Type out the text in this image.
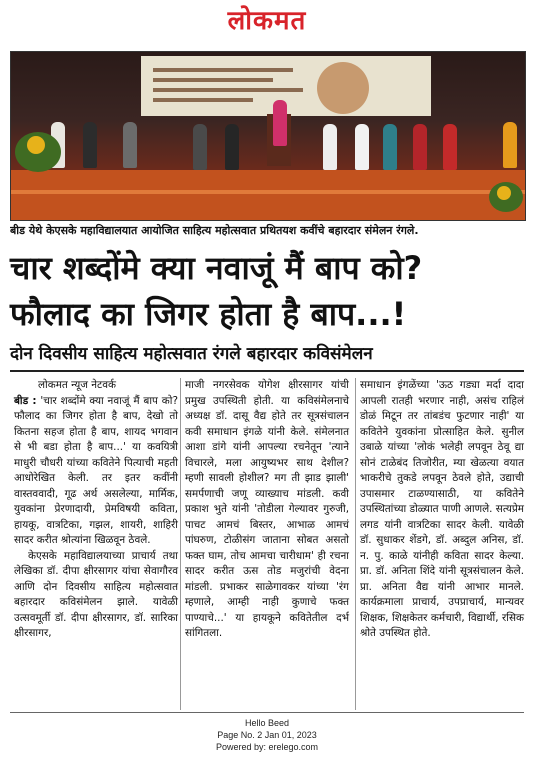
लोकमत
बीड येथे केएसके महाविद्यालयात आयोजित साहित्य महोत्सवात प्रथितयश कवींचे बहारदार संमेलन रंगले.
चार शब्दोंमे क्या नवाजूं मैं बाप को?
फौलाद का जिगर होता है बाप...!
दोन दिवसीय साहित्य महोत्सवात रंगले बहारदार कविसंमेलन

लोकमत न्यूज नेटवर्क

बीड : 'चार शब्दोंमे क्या नवाजूं मैं बाप को? फौलाद का जिगर होता है बाप, देखो तो कितना सहज होता है बाप, शायद भगवान से भी बडा होता है बाप...' या कवयित्री माधुरी चौधरी यांच्या कवितेने पित्याची महती आधोरेखित केली. तर इतर कवींनी वास्तववादी, गूढ अर्थ असलेल्या, मार्मिक, युवकांना प्रेरणादायी, प्रेमविषयी कविता, हायकू, वात्रटिका, गझल, शायरी, शाहिरी सादर करीत श्रोत्यांना खिळवून ठेवले.

केएसके महाविद्यालयाच्या प्राचार्य तथा लेखिका डॉ. दीपा क्षीरसागर यांचा सेवागौरव आणि दोन दिवसीय साहित्य महोत्सवात बहारदार कविसंमेलन झाले. यावेळी उत्सवमूर्ती डॉ. दीपा क्षीरसागर, डॉ. सारिका क्षीरसागर,

माजी नगरसेवक योगेश क्षीरसागर यांची प्रमुख उपस्थिती होती. या कविसंमेलनाचे अध्यक्ष डॉ. दासू वैद्य होते तर सूत्रसंचालन कवी समाधान इंगळे यांनी केले. संमेलनात आशा डांगे यांनी आपल्या रचनेतून 'त्याने विचारले, मला आयुष्यभर साथ देशील? म्हणी सावली होशील? मग ती झाड झाली' समर्पणाची जणू व्याख्याच मांडली. कवी प्रकाश भुते यांनी 'तोडीला गेल्यावर गुरुजी, पाचट आमचं बिस्तर, आभाळ आमचं पांघरुण, टोळीसंग जाताना सोबत असतो फक्त घाम, तोच आमचा चारीधाम' ही रचना सादर करीत ऊस तोड मजुरांची वेदना मांडली. प्रभाकर साळेगावकर यांच्या 'रंग म्हणाले, आम्ही नाही कुणाचे फक्त पाण्याचे...' या हायकूने कवितेतील दर्भ सांगितला.

समाधान इंगळेंच्या 'ऊठ गड्या मर्दा दादा आपली रातही भरणार नाही, असंच राहिलं डोळं मिटून तर तांबडंच फुटणार नाही' या कवितेने युवकांना प्रोत्साहित केले. सुनील उबाळे यांच्या 'लोकं भलेही लपवून ठेवू द्या सोनं टाळेबंद तिजोरीत, म्या खेळत्या वयात भाकरीचे तुकडे लपवून ठेवले होते, उद्याची उपासमार टाळण्यासाठी, या कवितेने उपस्थितांच्या डोळ्यात पाणी आणले. सत्यप्रेम लगड यांनी वात्रटिका सादर केली. यावेळी डॉ. सुधाकर शेंडगे, डॉ. अब्दुल अनिस, डॉ. न. पु. काळे यांनीही कविता सादर केल्या. प्रा. डॉ. अनिता शिंदे यांनी सूत्रसंचालन केले. प्रा. अनिता वैद्य यांनी आभार मानले. कार्यक्रमाला प्राचार्य, उपप्राचार्य, मान्यवर शिक्षक, शिक्षकेतर कर्मचारी, विद्यार्थी, रसिक श्रोते उपस्थित होते.

Hello Beed
Page No. 2 Jan 01, 2023
Powered by: erelego.com
